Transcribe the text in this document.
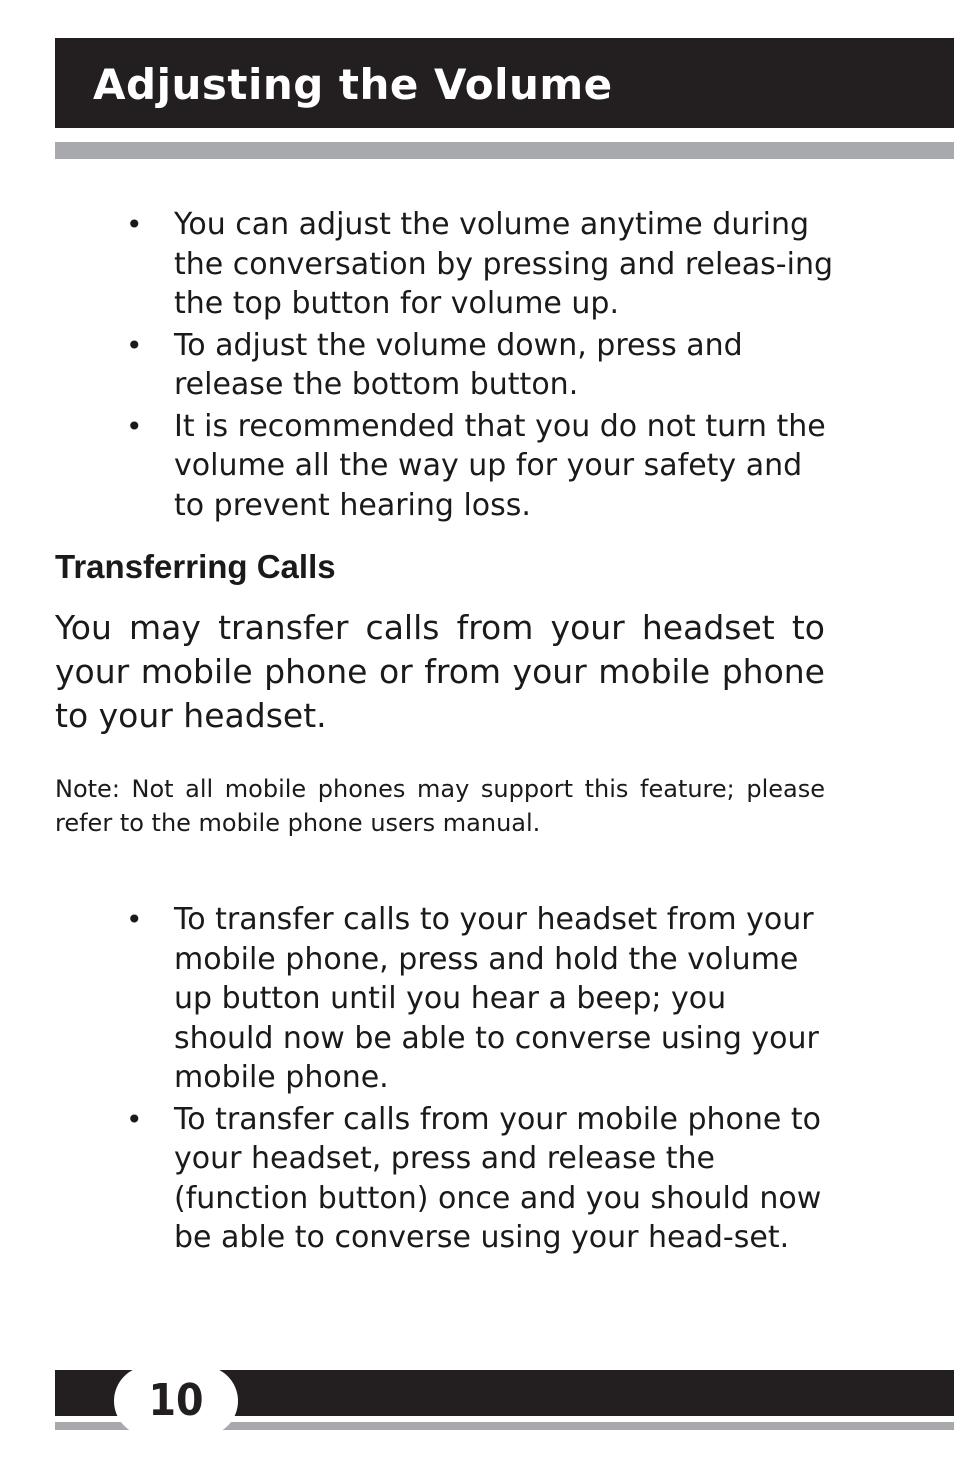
Adjusting the Volume
• You can adjust the volume anytime during the conversation by pressing and releas-ing the top button for volume up.
• To adjust the volume down, press and release the bottom button.
• It is recommended that you do not turn the volume all the way up for your safety and to prevent hearing loss.
Transferring Calls

You may transfer calls from your headset to your mobile phone or from your mobile phone to your headset.

Note: Not all mobile phones may support this feature; please refer to the mobile phone users manual.

• To transfer calls to your headset from your mobile phone, press and hold the volume up button until you hear a beep; you should now be able to converse using your mobile phone.
• To transfer calls from your mobile phone to your headset, press and release the (function button) once and you should now be able to converse using your head-set.
10
